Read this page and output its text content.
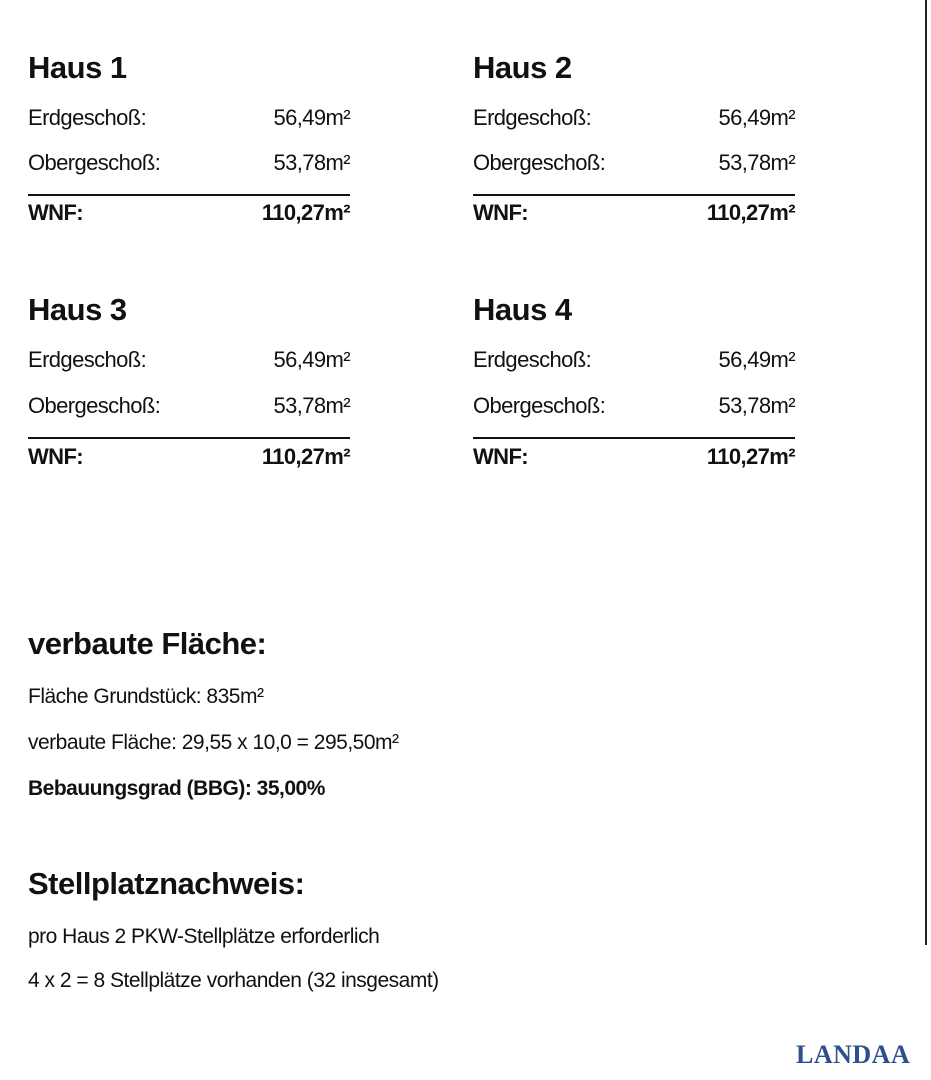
Haus 1
Erdgeschoß:	56,49m²
Obergeschoß:	53,78m²
WNF:	110,27m²
Haus 2
Erdgeschoß:	56,49m²
Obergeschoß:	53,78m²
WNF:	110,27m²
Haus 3
Erdgeschoß:	56,49m²
Obergeschoß:	53,78m²
WNF:	110,27m²
Haus 4
Erdgeschoß:	56,49m²
Obergeschoß:	53,78m²
WNF:	110,27m²
verbaute Fläche:
Fläche Grundstück: 835m²
verbaute Fläche: 29,55 x 10,0 = 295,50m²
Bebauungsgrad (BBG): 35,00%
Stellplatznachweis:
pro Haus 2 PKW-Stellplätze erforderlich
4 x 2 = 8 Stellplätze vorhanden (32 insgesamt)
LANDAA
